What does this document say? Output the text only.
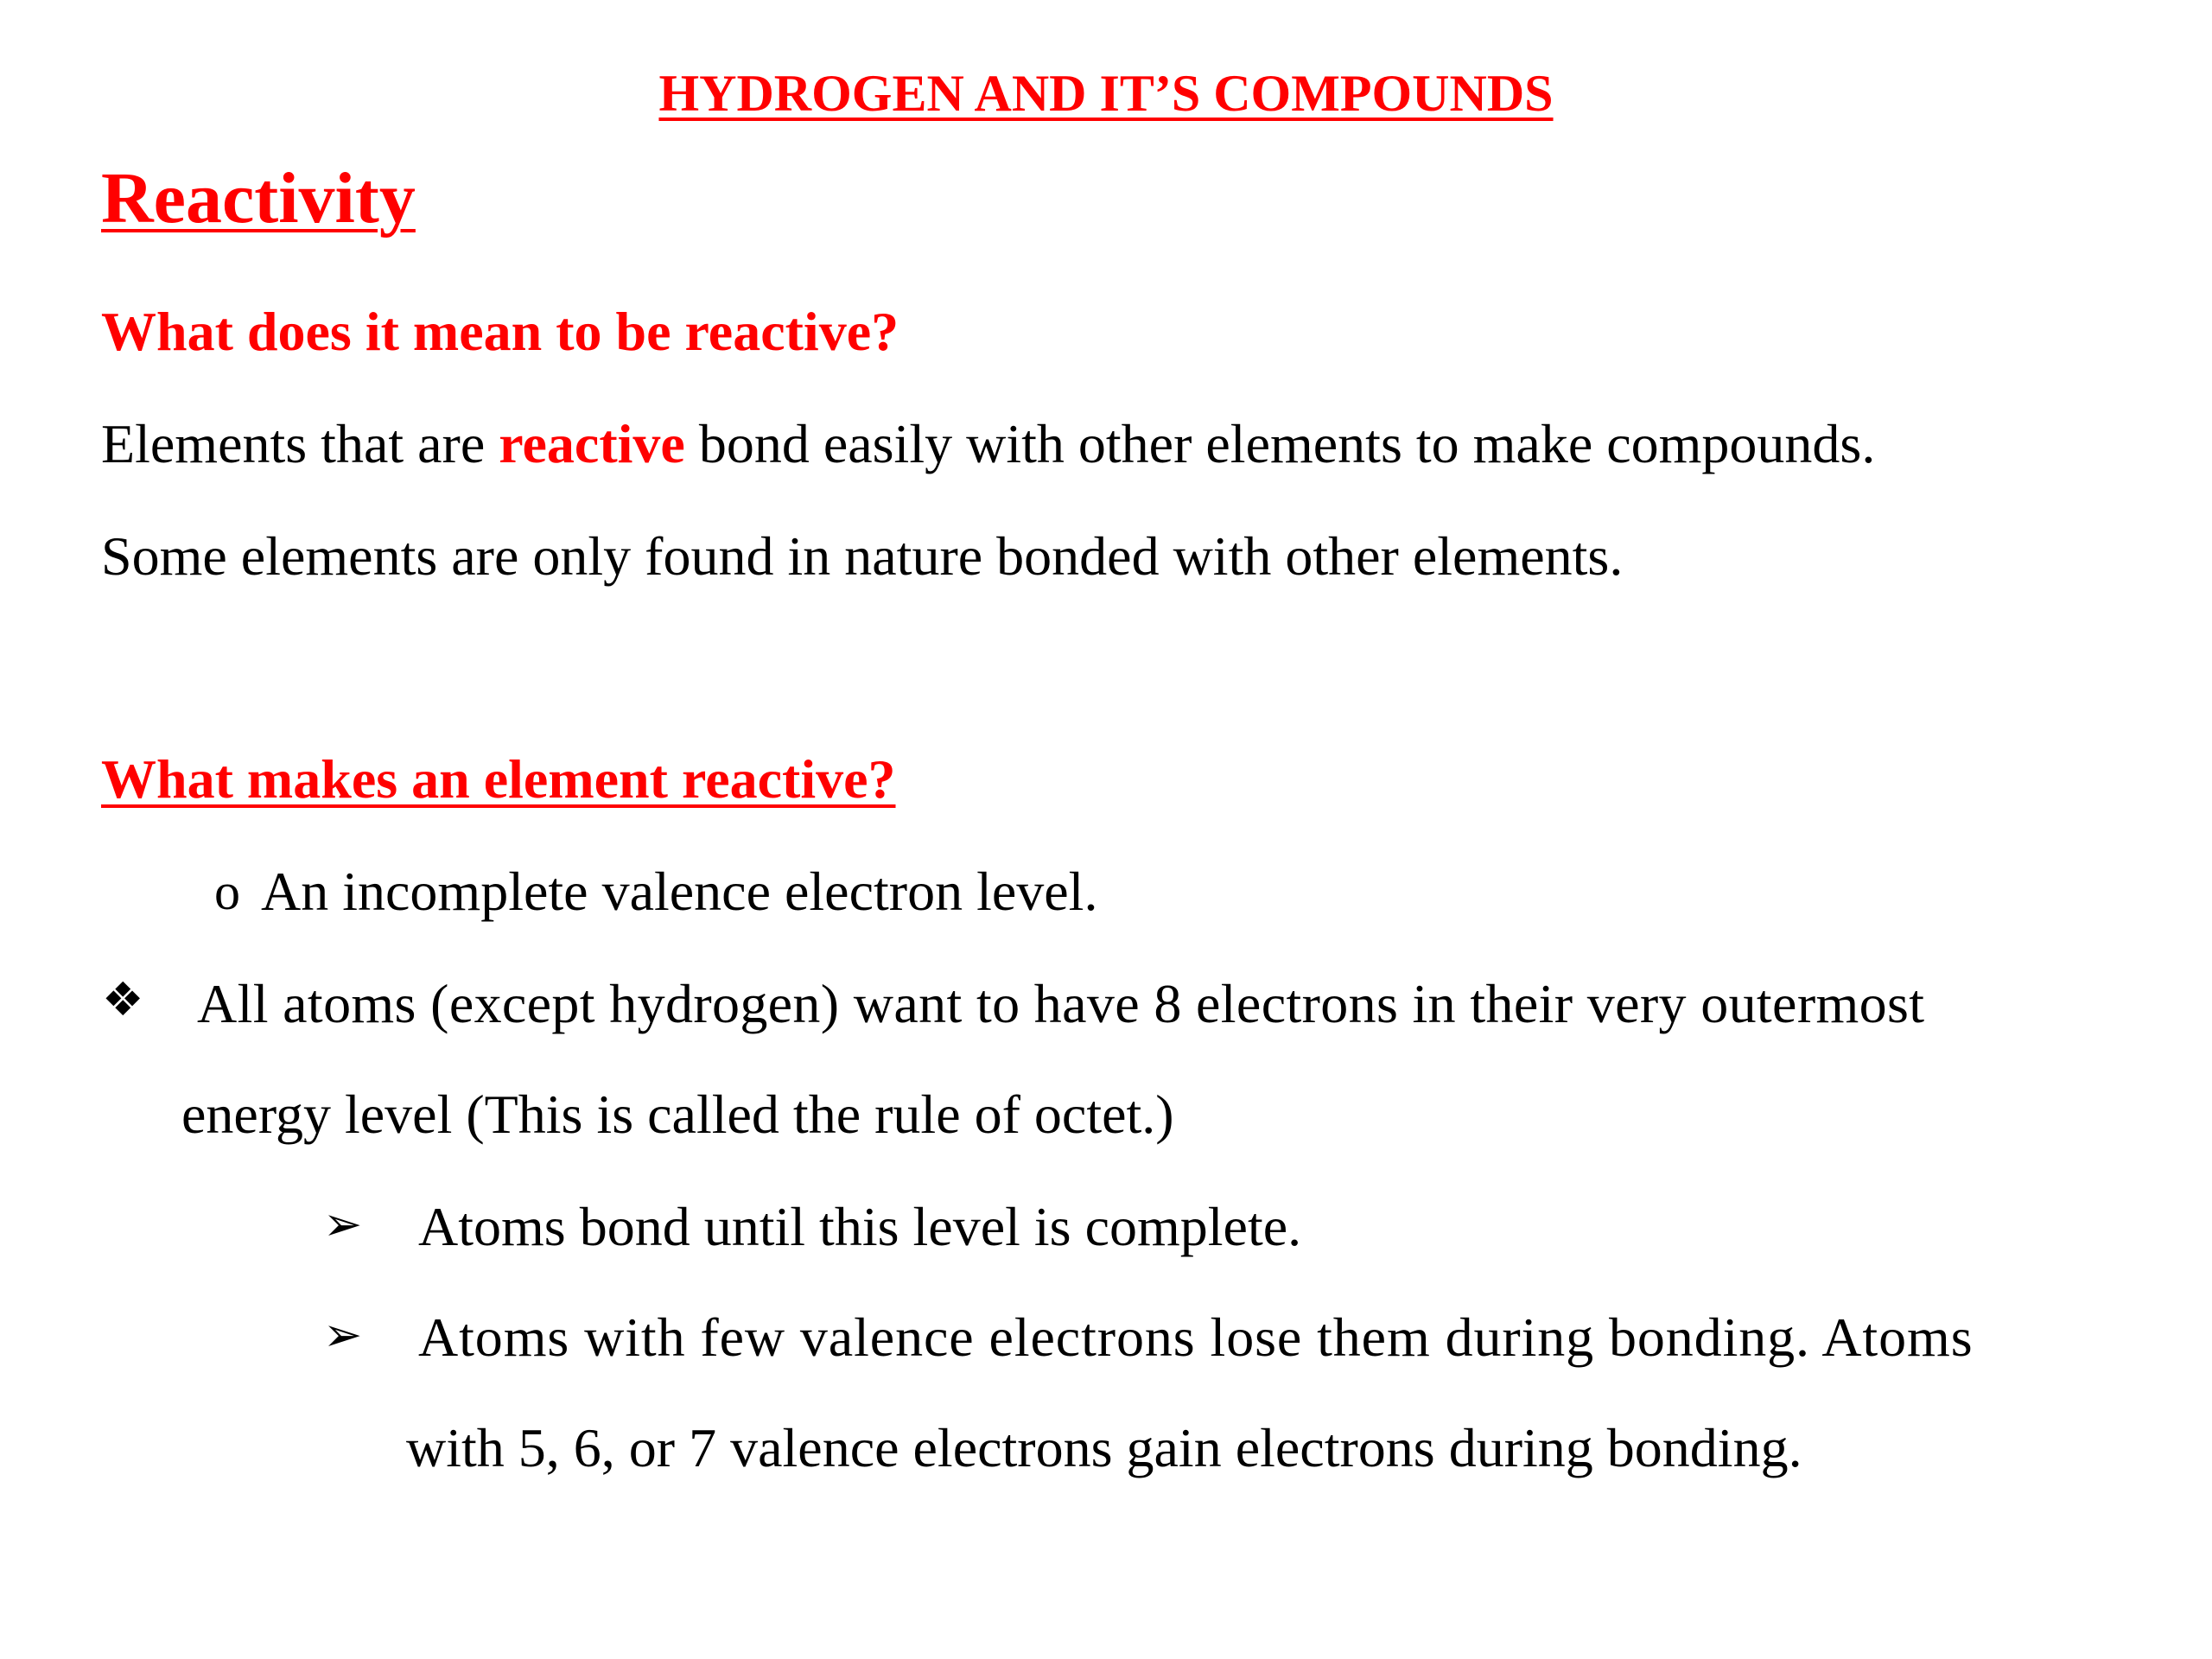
HYDROGEN AND IT’S COMPOUNDS
Reactivity
What does it mean to be reactive?
Elements that are reactive bond easily with other elements to make compounds.
Some elements are only found in nature bonded with other elements.
What makes an element reactive?
o An incomplete valence electron level.
❖ All atoms (except hydrogen) want to have 8 electrons in their very outermost
energy level (This is called the rule of octet.)
➢ Atoms bond until this level is complete.
➢ Atoms with few valence electrons lose them during bonding. Atoms
with 5, 6, or 7 valence electrons gain electrons during bonding.
